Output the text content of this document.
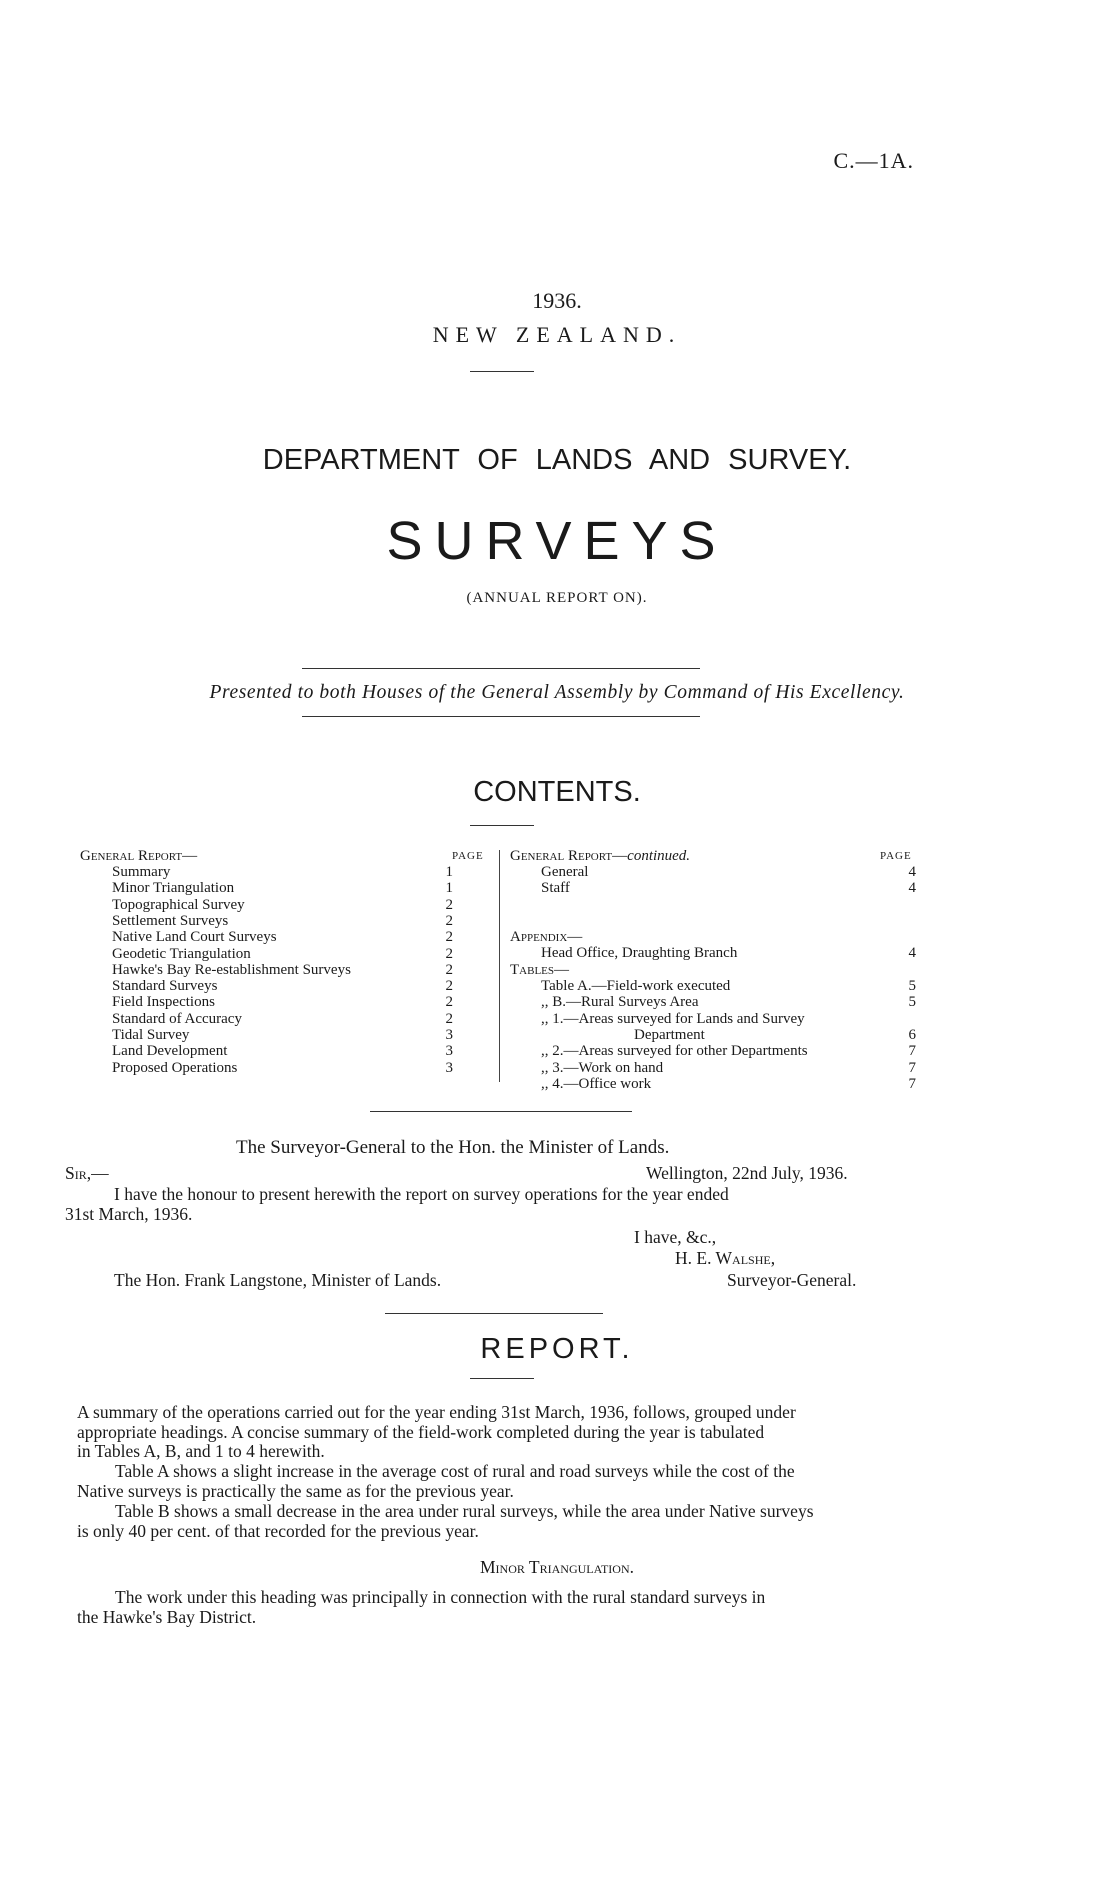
C.—1A.
1936.
NEW ZEALAND.
DEPARTMENT OF LANDS AND SURVEY.
SURVEYS
(ANNUAL REPORT ON).
Presented to both Houses of the General Assembly by Command of His Excellency.
CONTENTS.
General Report—	PAGE
Summary	1
Minor Triangulation	1
Topographical Survey	2
Settlement Surveys	2
Native Land Court Surveys	2
Geodetic Triangulation	2
Hawke's Bay Re-establishment Surveys	2
Standard Surveys	2
Field Inspections	2
Standard of Accuracy	2
Tidal Survey	3
Land Development	3
Proposed Operations	3
General Report—continued.	PAGE
General	4
Staff	4
Appendix—
Head Office, Draughting Branch	4
Tables—
Table A.—Field-work executed	5
,, B.—Rural Surveys Area	5
,, 1.—Areas surveyed for Lands and Survey
Department	6
,, 2.—Areas surveyed for other Departments	7
,, 3.—Work on hand	7
,, 4.—Office work	7
The Surveyor-General to the Hon. the Minister of Lands.
Sir,—	Wellington, 22nd July, 1936.
I have the honour to present herewith the report on survey operations for the year ended
31st March, 1936.
I have, &c.,
H. E. Walshe,
The Hon. Frank Langstone, Minister of Lands.	Surveyor-General.
REPORT.
A summary of the operations carried out for the year ending 31st March, 1936, follows, grouped under
appropriate headings. A concise summary of the field-work completed during the year is tabulated
in Tables A, B, and 1 to 4 herewith.
Table A shows a slight increase in the average cost of rural and road surveys while the cost of the
Native surveys is practically the same as for the previous year.
Table B shows a small decrease in the area under rural surveys, while the area under Native surveys
is only 40 per cent. of that recorded for the previous year.
Minor Triangulation.
The work under this heading was principally in connection with the rural standard surveys in
the Hawke's Bay District.
